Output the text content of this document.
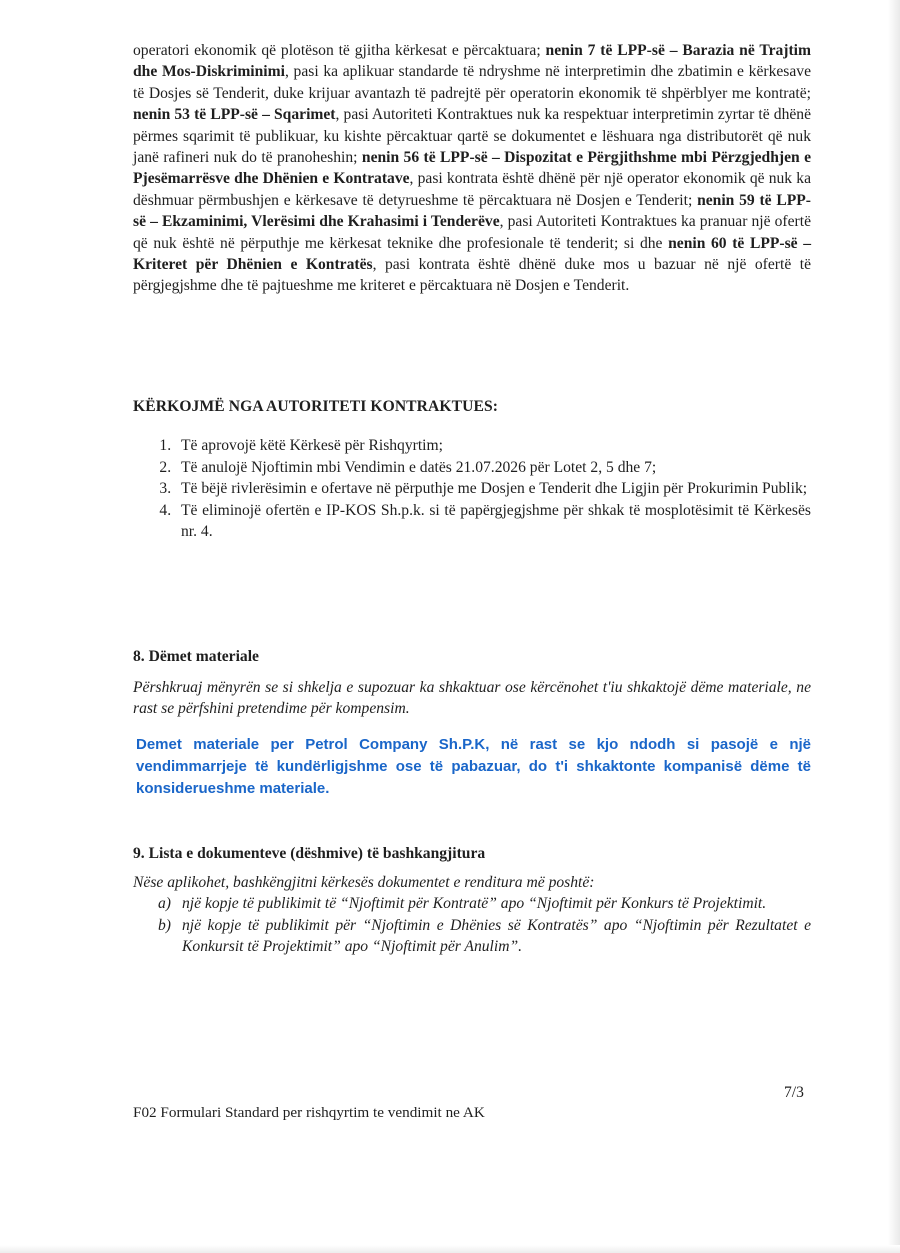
operatori ekonomik që plotëson të gjitha kërkesat e përcaktuara; nenin 7 të LPP-së – Barazia në Trajtim dhe Mos-Diskriminimi, pasi ka aplikuar standarde të ndryshme në interpretimin dhe zbatimin e kërkesave të Dosjes së Tenderit, duke krijuar avantazh të padrejtë për operatorin ekonomik të shpërblyer me kontratë; nenin 53 të LPP-së – Sqarimet, pasi Autoriteti Kontraktues nuk ka respektuar interpretimin zyrtar të dhënë përmes sqarimit të publikuar, ku kishte përcaktuar qartë se dokumentet e lëshuara nga distributorët që nuk janë rafineri nuk do të pranoheshin; nenin 56 të LPP-së – Dispozitat e Përgjithshme mbi Përzgjedhjen e Pjesëmarrësve dhe Dhënien e Kontratave, pasi kontrata është dhënë për një operator ekonomik që nuk ka dëshmuar përmbushjen e kërkesave të detyrueshme të përcaktuara në Dosjen e Tenderit; nenin 59 të LPP-së – Ekzaminimi, Vlerësimi dhe Krahasimi i Tenderëve, pasi Autoriteti Kontraktues ka pranuar një ofertë që nuk është në përputhje me kërkesat teknike dhe profesionale të tenderit; si dhe nenin 60 të LPP-së – Kriteret për Dhënien e Kontratës, pasi kontrata është dhënë duke mos u bazuar në një ofertë të përgjegjshme dhe të pajtueshme me kriteret e përcaktuara në Dosjen e Tenderit.

KËRKOJMË NGA AUTORITETI KONTRAKTUES:

1. Të aprovojë këtë Kërkesë për Rishqyrtim;
2. Të anulojë Njoftimin mbi Vendimin e datës 21.07.2026 për Lotet 2, 5 dhe 7;
3. Të bëjë rivlerësimin e ofertave në përputhje me Dosjen e Tenderit dhe Ligjin për Prokurimin Publik;
4. Të eliminojë ofertën e IP-KOS Sh.p.k. si të papërgjegjshme për shkak të mosplotësimit të Kërkesës nr. 4.

8. Dëmet materiale

Përshkruaj mënyrën se si shkelja e supozuar ka shkaktuar ose kërcënohet t'iu shkaktojë dëme materiale, ne rast se përfshini pretendime për kompensim.

Demet materiale per Petrol Company Sh.P.K, në rast se kjo ndodh si pasojë e një vendimmarrjeje të kundërligjshme ose të pabazuar, do t'i shkaktonte kompanisë dëme të konsiderueshme materiale.

9. Lista e dokumenteve (dëshmive) të bashkangjitura

Nëse aplikohet, bashkëngjitni kërkesës dokumentet e renditura më poshtë:

a) një kopje të publikimit të “Njoftimit për Kontratë” apo “Njoftimit për Konkurs të Projektimit.
b) një kopje të publikimit për “Njoftimin e Dhënies së Kontratës” apo “Njoftimin për Rezultatet e Konkursit të Projektimit” apo “Njoftimit për Anulim”.
7/3
F02 Formulari Standard per rishqyrtim te vendimit ne AK
